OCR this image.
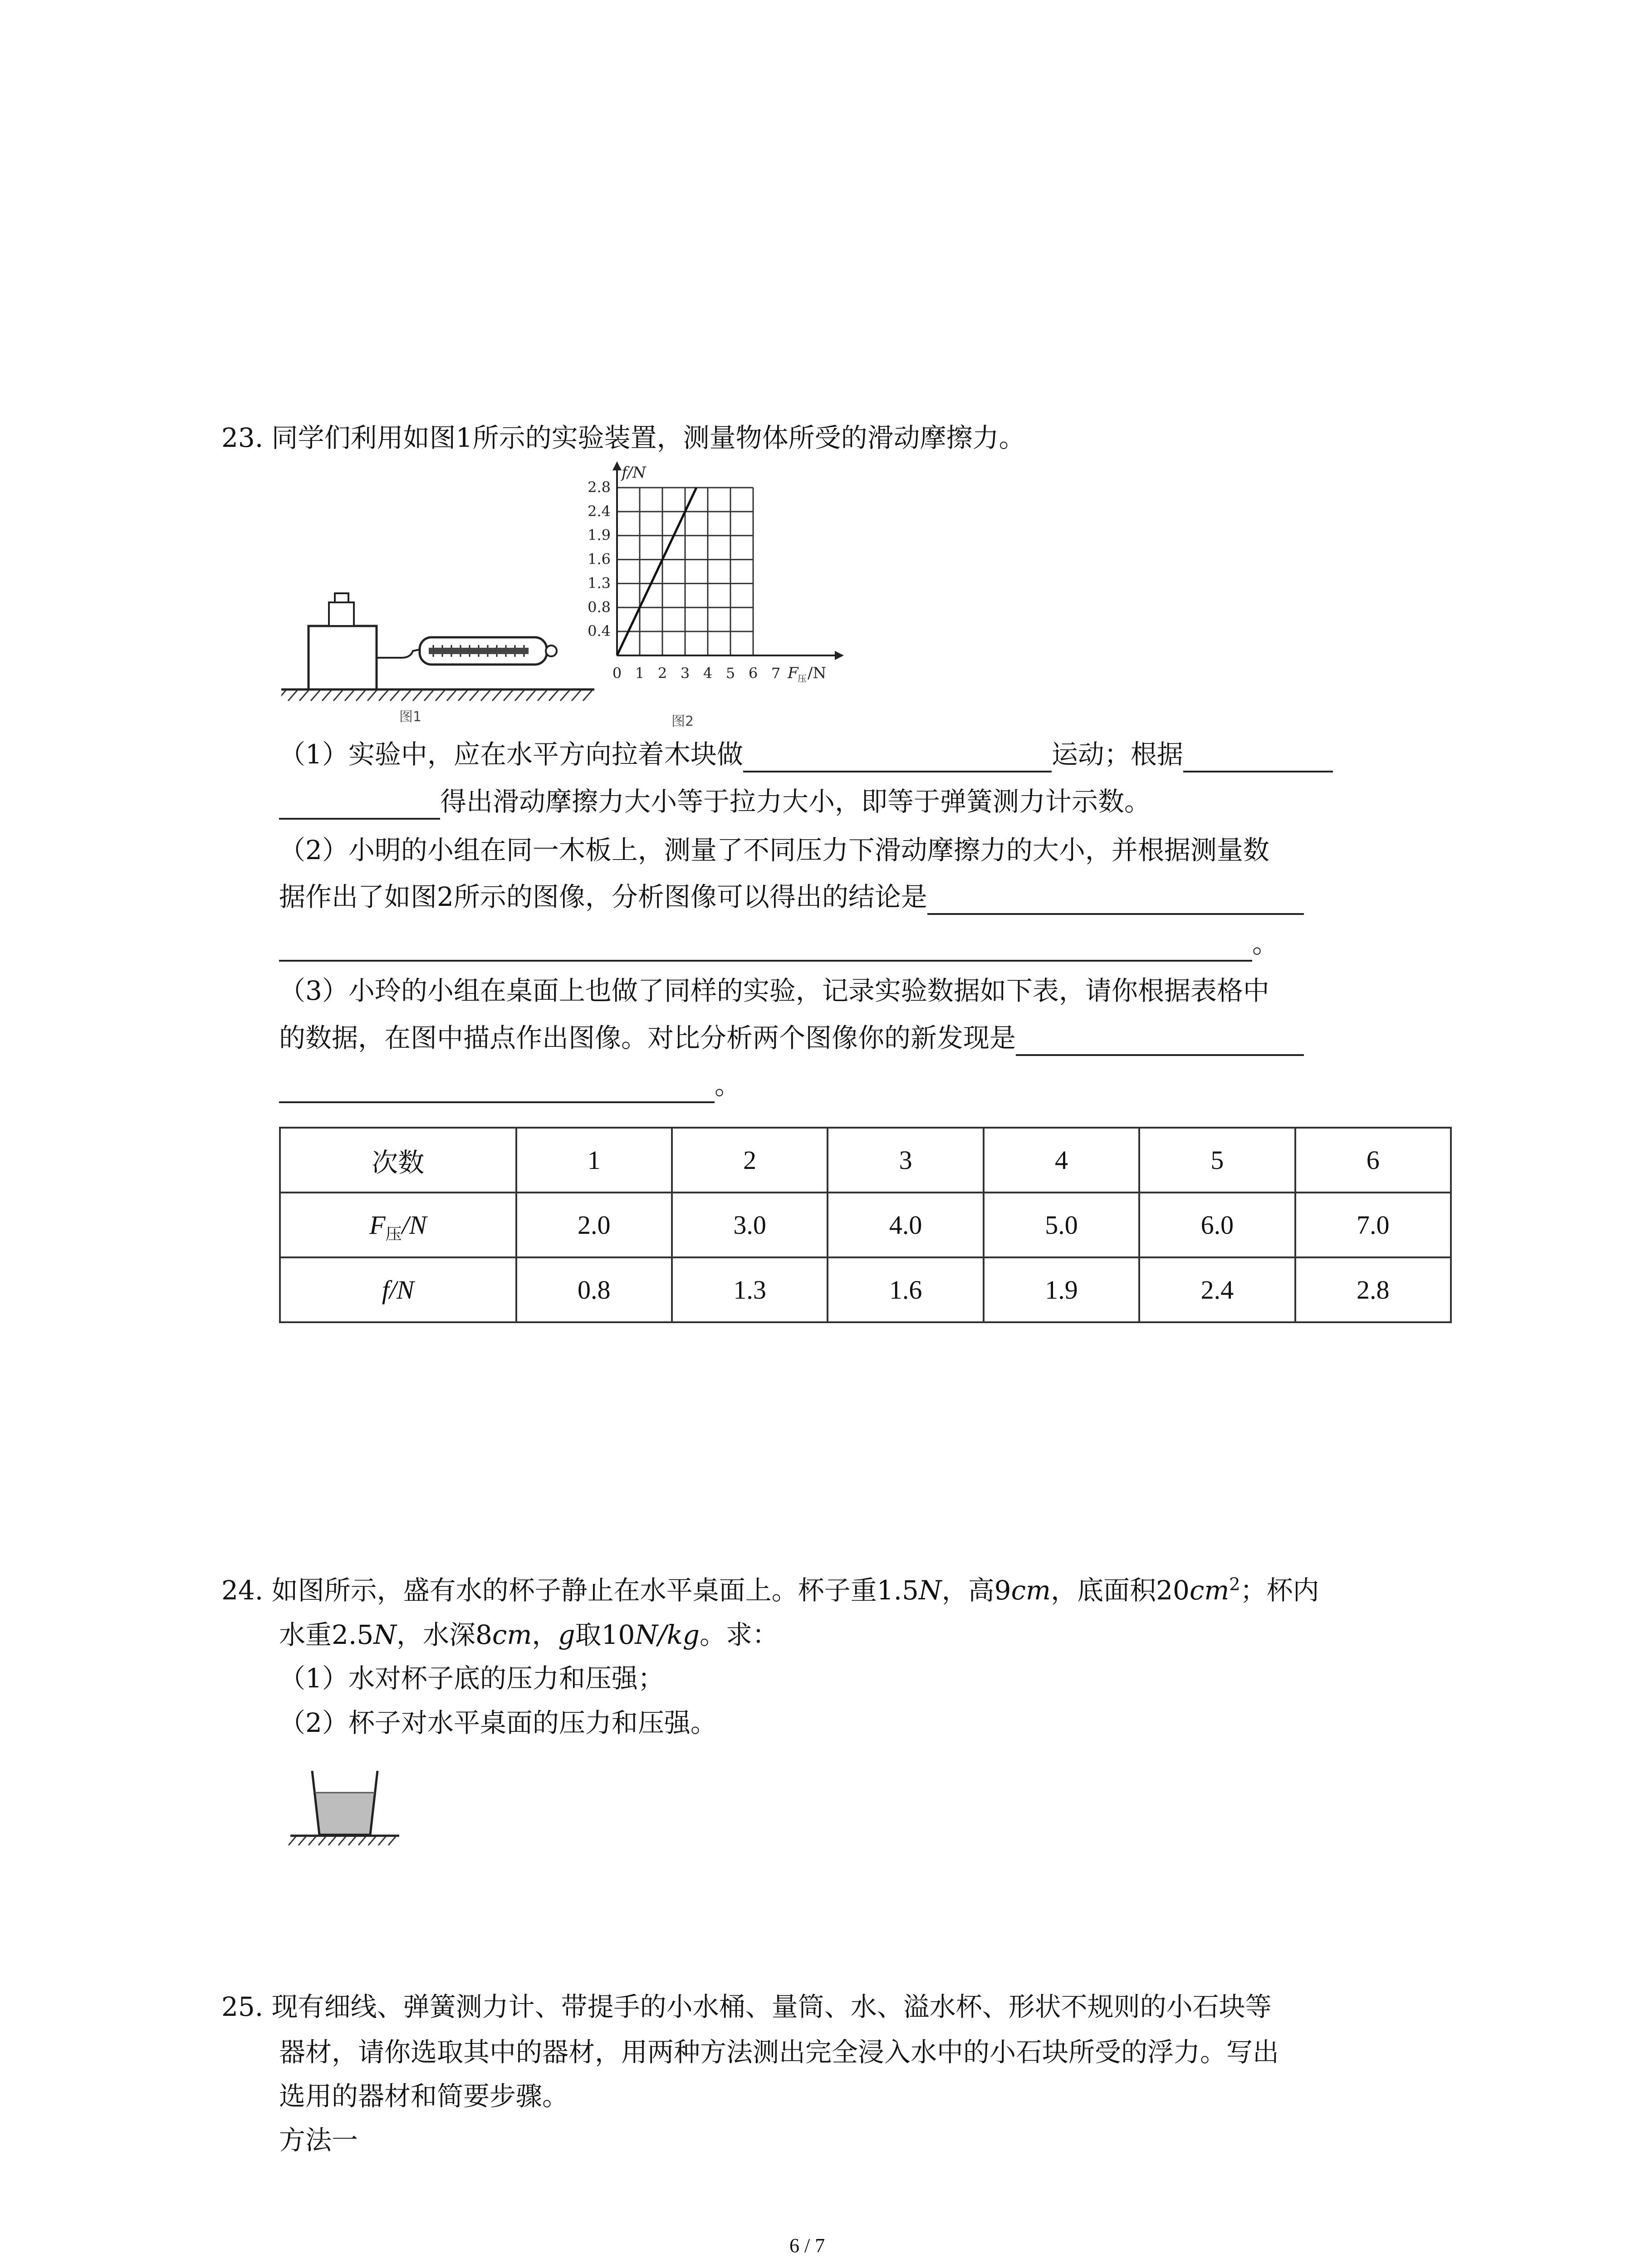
23. 同学们利用如图1所示的实验装置，测量物体所受的滑动摩擦力。
图1
2.8
2.4
1.9
1.6
1.3
0.8
0.4
0 1 2 3 4 5 6 7
f/N
F
压 /N
图2
（1）实验中，应在水平方向拉着木块做	运动；根据
得出滑动摩擦力大小等于拉力大小，即等于弹簧测力计示数。
（2）小明的小组在同一木板上，测量了不同压力下滑动摩擦力的大小，并根据测量数
据作出了如图2所示的图像，分析图像可以得出的结论是
。
（3）小玲的小组在桌面上也做了同样的实验，记录实验数据如下表，请你根据表格中
的数据，在图中描点作出图像。对比分析两个图像你的新发现是
。
次数	1	2	3	4	5	6
$F_压/N$	2.0	3.0	4.0	5.0	6.0	7.0
f/N	0.8	1.3	1.6	1.9	2.4	2.8
24. 如图所示，盛有水的杯子静止在水平桌面上。杯子重1.5N，高9cm，底面积$20cm^2$；杯内
水重2.5N，水深8cm，g取10N/kg。求：
（1）水对杯子底的压力和压强；
（2）杯子对水平桌面的压力和压强。
25. 现有细线、弹簧测力计、带提手的小水桶、量筒、水、溢水杯、形状不规则的小石块等
器材，请你选取其中的器材，用两种方法测出完全浸入水中的小石块所受的浮力。写出
选用的器材和简要步骤。
方法一
6 / 7
